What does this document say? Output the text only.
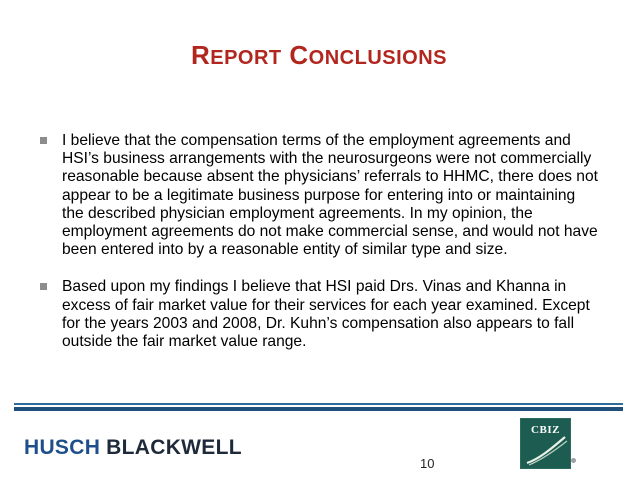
REPORT CONCLUSIONS
I believe that the compensation terms of the employment agreements and HSI’s business arrangements with the neurosurgeons were not commercially reasonable because absent the physicians’ referrals to HHMC, there does not appear to be a legitimate business purpose for entering into or maintaining the described physician employment agreements. In my opinion, the employment agreements do not make commercial sense, and would not have been entered into by a reasonable entity of similar type and size.
Based upon my findings I believe that HSI paid Drs. Vinas and Khanna in excess of fair market value for their services for each year examined. Except for the years 2003 and 2008, Dr. Kuhn’s compensation also appears to fall outside the fair market value range.
HUSCH BLACKWELL
10
CBIZ
